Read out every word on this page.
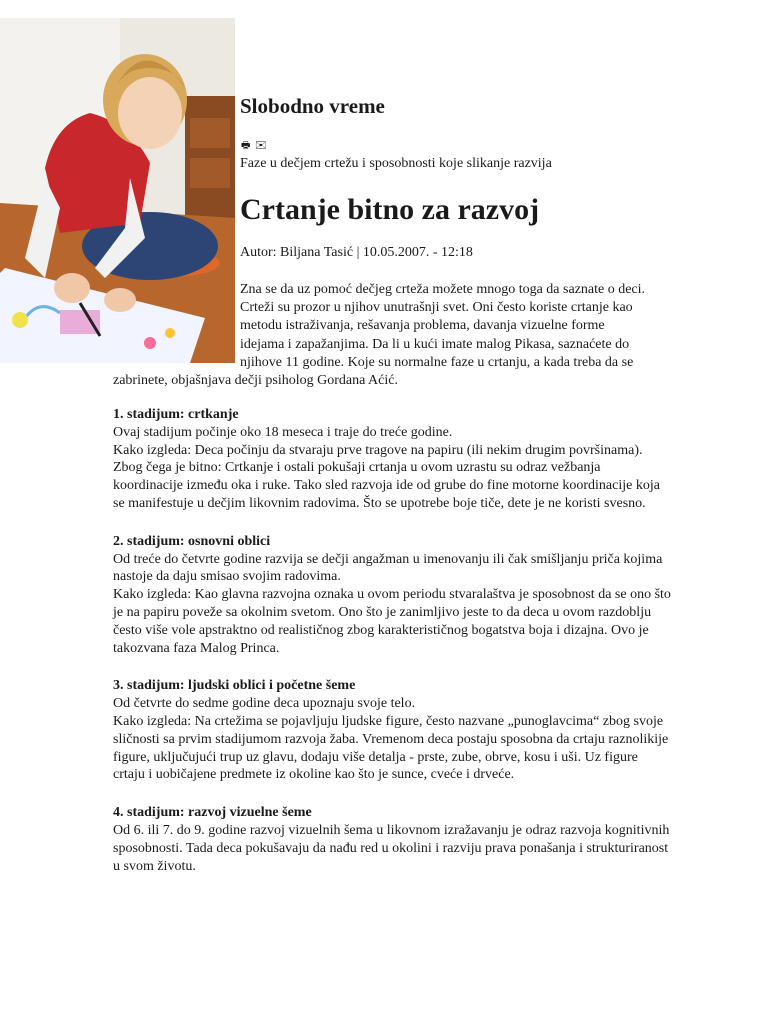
Slobodno vreme
🖶 ✉

Faze u dečjem crtežu i sposobnosti koje slikanje razvija

Crtanje bitno za razvoj

Autor: Biljana Tasić | 10.05.2007. - 12:18

Zna se da uz pomoć dečjeg crteža možete mnogo toga da saznate o deci. Crteži su prozor u njihov unutrašnji svet. Oni često koriste crtanje kao metodu istraživanja, rešavanja problema, davanja vizuelne forme idejama i zapažanjima. Da li u kući imate malog Pikasa, saznaćete do njihove 11 godine. Koje su normalne faze u crtanju, a kada treba da se zabrinete, objašnjava dečji psiholog Gordana Aćić.

1. stadijum: crtkanje

Ovaj stadijum počinje oko 18 meseca i traje do treće godine.

Kako izgleda: Deca počinju da stvaraju prve tragove na papiru (ili nekim drugim površinama).

Zbog čega je bitno: Crtkanje i ostali pokušaji crtanja u ovom uzrastu su odraz vežbanja koordinacije između oka i ruke. Tako sled razvoja ide od grube do fine motorne koordinacije koja se manifestuje u dečjim likovnim radovima. Što se upotrebe boje tiče, dete je ne koristi svesno.

2. stadijum: osnovni oblici

Od treće do četvrte godine razvija se dečji angažman u imenovanju ili čak smišljanju priča kojima nastoje da daju smisao svojim radovima.

Kako izgleda: Kao glavna razvojna oznaka u ovom periodu stvaralaštva je sposobnost da se ono što je na papiru poveže sa okolnim svetom. Ono što je zanimljivo jeste to da deca u ovom razdoblju često više vole apstraktno od realističnog zbog karakterističnog bogatstva boja i dizajna. Ovo je takozvana faza Malog Princa.

3. stadijum: ljudski oblici i početne šeme

Od četvrte do sedme godine deca upoznaju svoje telo.

Kako izgleda: Na crtežima se pojavljuju ljudske figure, često nazvane „punoglavcima“ zbog svoje sličnosti sa prvim stadijumom razvoja žaba. Vremenom deca postaju sposobna da crtaju raznolikije figure, uključujući trup uz glavu, dodaju više detalja - prste, zube, obrve, kosu i uši. Uz figure crtaju i uobičajene predmete iz okoline kao što je sunce, cveće i drveće.

4. stadijum: razvoj vizuelne šeme

Od 6. ili 7. do 9. godine razvoj vizuelnih šema u likovnom izražavanju je odraz razvoja kognitivnih sposobnosti. Tada deca pokušavaju da nađu red u okolini i razviju prava ponašanja i strukturiranost u svom životu.
